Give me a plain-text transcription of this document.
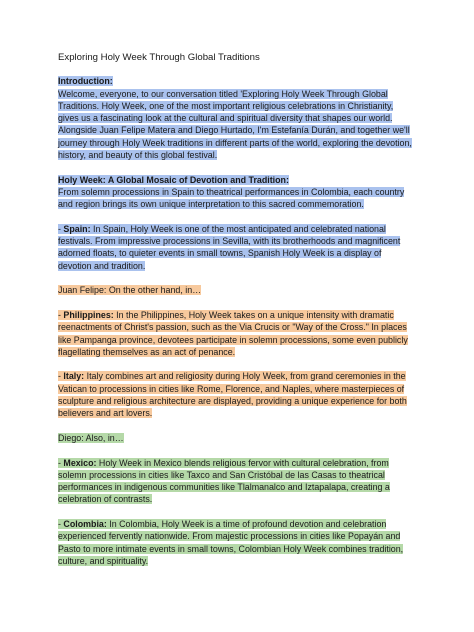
Exploring Holy Week Through Global Traditions

Introduction:
Welcome, everyone, to our conversation titled 'Exploring Holy Week Through Global Traditions. Holy Week, one of the most important religious celebrations in Christianity, gives us a fascinating look at the cultural and spiritual diversity that shapes our world. Alongside Juan Felipe Matera and Diego Hurtado, I'm Estefanía Durán, and together we'll journey through Holy Week traditions in different parts of the world, exploring the devotion, history, and beauty of this global festival.

Holy Week: A Global Mosaic of Devotion and Tradition:
From solemn processions in Spain to theatrical performances in Colombia, each country and region brings its own unique interpretation to this sacred commemoration.

- Spain: In Spain, Holy Week is one of the most anticipated and celebrated national festivals. From impressive processions in Sevilla, with its brotherhoods and magnificent adorned floats, to quieter events in small towns, Spanish Holy Week is a display of devotion and tradition.

Juan Felipe: On the other hand, in…

- Philippines: In the Philippines, Holy Week takes on a unique intensity with dramatic reenactments of Christ's passion, such as the Via Crucis or "Way of the Cross." In places like Pampanga province, devotees participate in solemn processions, some even publicly flagellating themselves as an act of penance.

- Italy: Italy combines art and religiosity during Holy Week, from grand ceremonies in the Vatican to processions in cities like Rome, Florence, and Naples, where masterpieces of sculpture and religious architecture are displayed, providing a unique experience for both believers and art lovers.

Diego: Also, in…

- Mexico: Holy Week in Mexico blends religious fervor with cultural celebration, from solemn processions in cities like Taxco and San Cristóbal de las Casas to theatrical performances in indigenous communities like Tlalmanalco and Iztapalapa, creating a celebration of contrasts.

- Colombia: In Colombia, Holy Week is a time of profound devotion and celebration experienced fervently nationwide. From majestic processions in cities like Popayán and Pasto to more intimate events in small towns, Colombian Holy Week combines tradition, culture, and spirituality.
